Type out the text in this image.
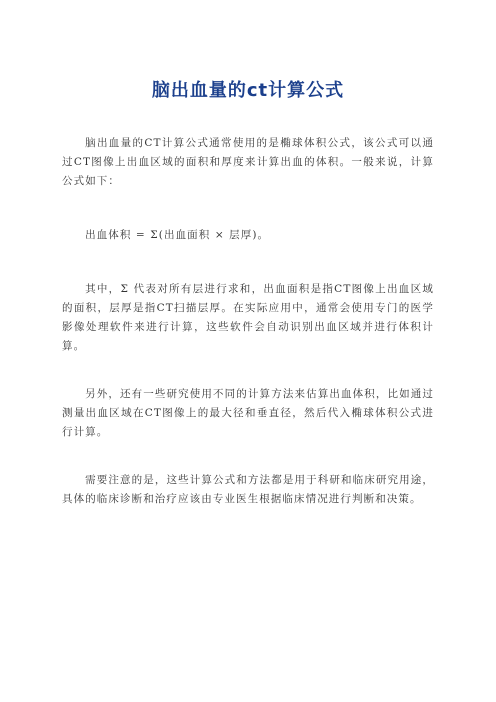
脑出血量的ct计算公式

脑出血量的CT计算公式通常使用的是椭球体积公式，该公式可以通过CT图像上出血区域的面积和厚度来计算出血的体积。一般来说，计算公式如下：

出血体积 = Σ(出血面积 × 层厚)。

其中，Σ 代表对所有层进行求和，出血面积是指CT图像上出血区域的面积，层厚是指CT扫描层厚。在实际应用中，通常会使用专门的医学影像处理软件来进行计算，这些软件会自动识别出血区域并进行体积计算。

另外，还有一些研究使用不同的计算方法来估算出血体积，比如通过测量出血区域在CT图像上的最大径和垂直径，然后代入椭球体积公式进行计算。

需要注意的是，这些计算公式和方法都是用于科研和临床研究用途，具体的临床诊断和治疗应该由专业医生根据临床情况进行判断和决策。
